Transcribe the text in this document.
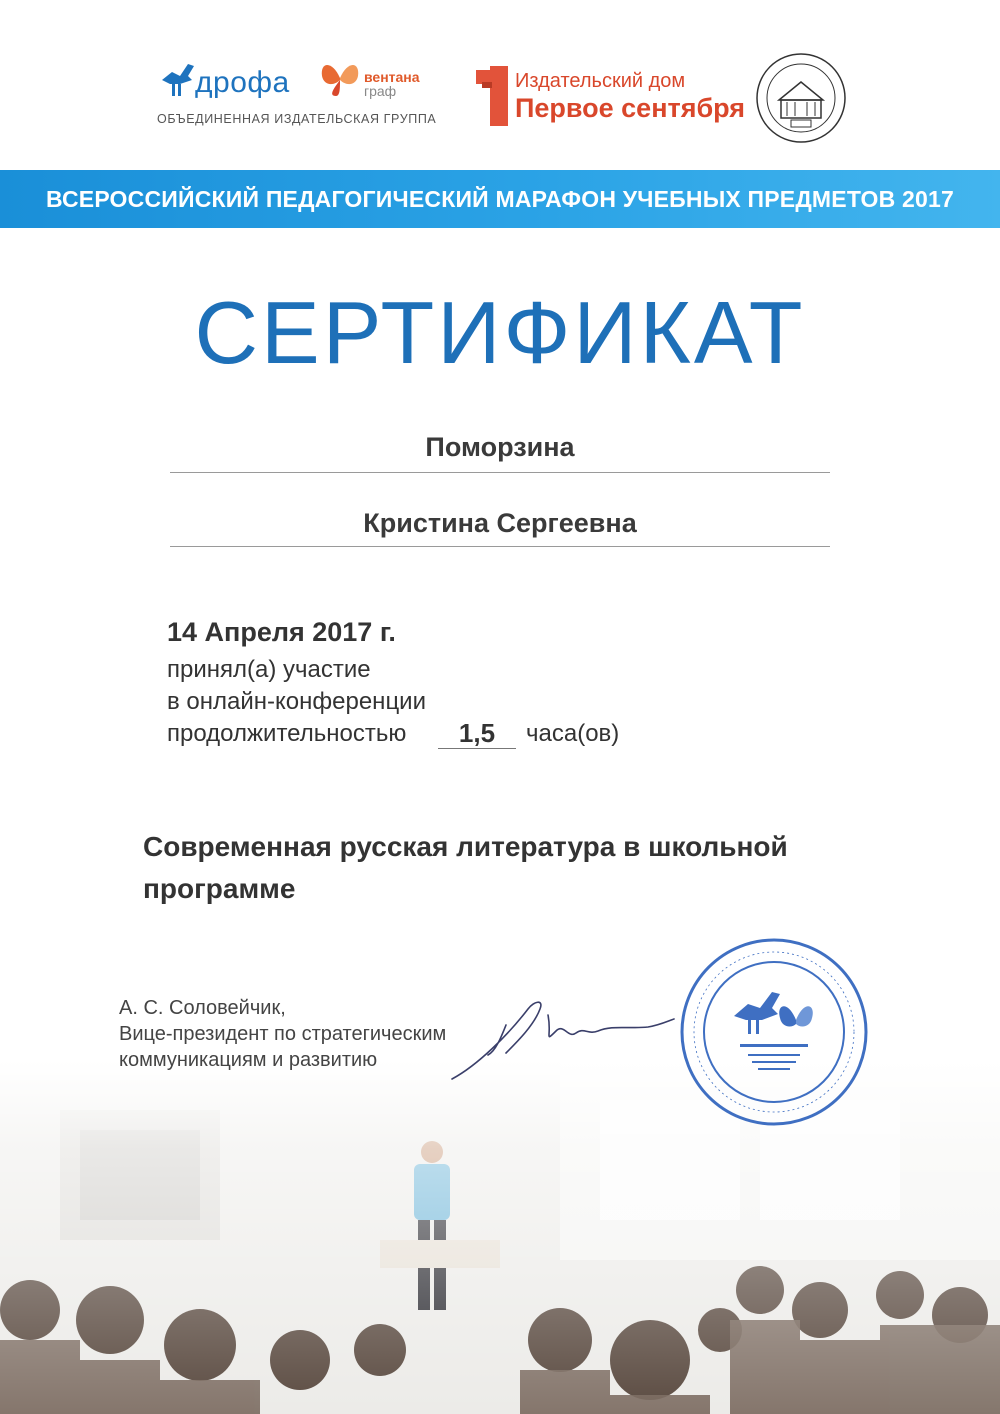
дрофа	вентана
граф
ОБЪЕДИНЕННАЯ ИЗДАТЕЛЬСКАЯ ГРУППА
Издательский дом
Первое сентября
ВСЕРОССИЙСКИЙ ПЕДАГОГИЧЕСКИЙ МАРАФОН УЧЕБНЫХ ПРЕДМЕТОВ 2017
СЕРТИФИКАТ
Поморзина
Кристина Сергеевна
14 Апреля 2017 г.
принял(а) участие
в онлайн-конференции
продолжительностью	1,5	часа(ов)
Современная русская литература в школьной программе
А. С. Соловейчик,
Вице-президент по стратегическим
коммуникациям и развитию
